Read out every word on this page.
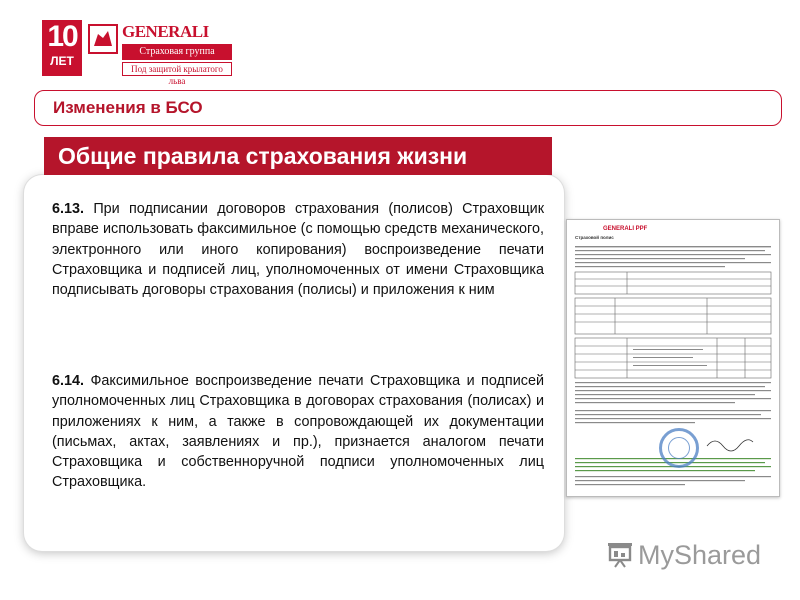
10
ЛЕТ
GENERALI
Страховая группа
Под защитой крылатого льва
Изменения в БСО
Общие правила страхования жизни

6.13. При подписании договоров страхования (полисов) Страховщик вправе использовать факсимильное (с помощью средств механического, электронного или иного копирования) воспроизведение печати Страховщика и подписей лиц, уполномоченных от имени Страховщика подписывать договоры страхования (полисы) и приложения к ним

6.14. Факсимильное воспроизведение печати Страховщика и подписей уполномоченных лиц Страховщика в договорах страхования (полисах) и приложениях к ним, а также в сопровождающей их документации (письмах, актах, заявлениях и пр.), признается аналогом печати Страховщика и собственноручной подписи уполномоченных лиц Страховщика.

GENERALI PPF
Страховой полис
MyShared
